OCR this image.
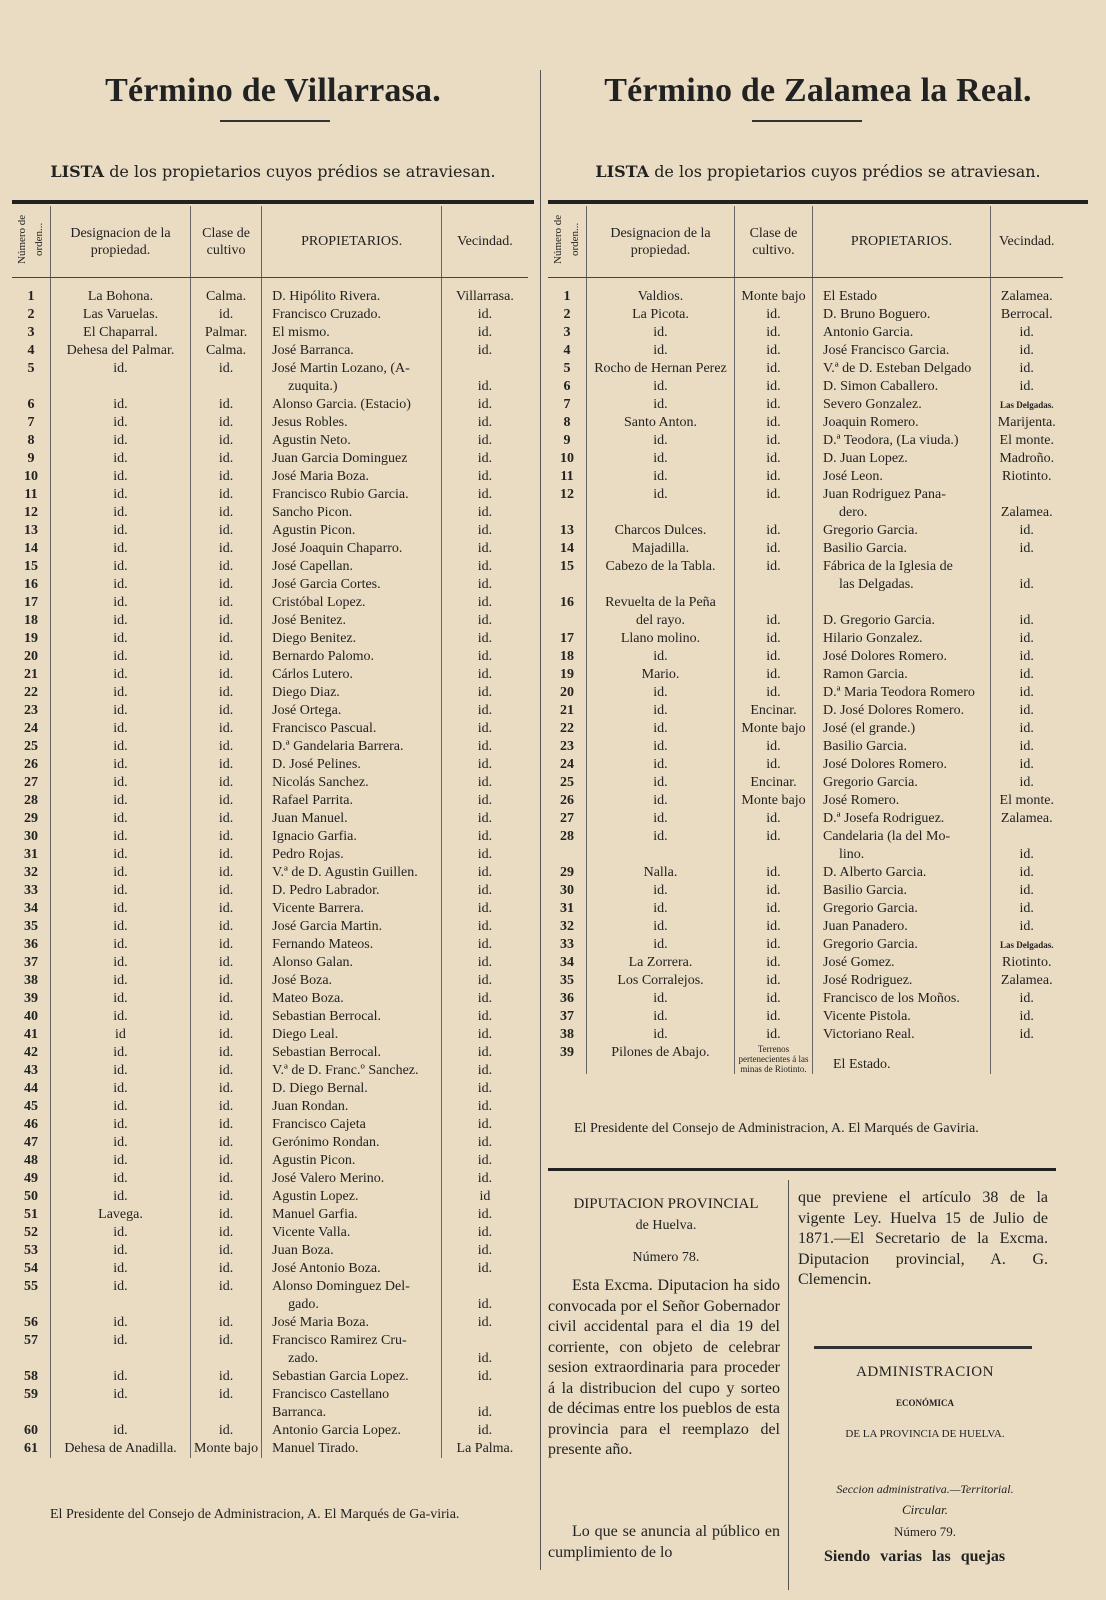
Término de Villarrasa.
LISTA de los propietarios cuyos prédios se atraviesan.
Número de orden...	Designacion de la propiedad.	Clase de cultivo	PROPIETARIOS.	Vecindad.

1	La Bohona.	Calma.	D. Hipólito Rivera.	Villarrasa.
2	Las Varuelas.	id.	Francisco Cruzado.	id.
3	El Chaparral.	Palmar.	El mismo.	id.
4	Dehesa del Palmar.	Calma.	José Barranca.	id.
5	id.	id.	José Martin Lozano, (A-	
			zuquita.)	id.
6	id.	id.	Alonso Garcia. (Estacio)	id.
7	id.	id.	Jesus Robles.	id.
8	id.	id.	Agustin Neto.	id.
9	id.	id.	Juan Garcia Dominguez	id.
10	id.	id.	José Maria Boza.	id.
11	id.	id.	Francisco Rubio Garcia.	id.
12	id.	id.	Sancho Picon.	id.
13	id.	id.	Agustin Picon.	id.
14	id.	id.	José Joaquin Chaparro.	id.
15	id.	id.	José Capellan.	id.
16	id.	id.	José Garcia Cortes.	id.
17	id.	id.	Cristóbal Lopez.	id.
18	id.	id.	José Benitez.	id.
19	id.	id.	Diego Benitez.	id.
20	id.	id.	Bernardo Palomo.	id.
21	id.	id.	Cárlos Lutero.	id.
22	id.	id.	Diego Diaz.	id.
23	id.	id.	José Ortega.	id.
24	id.	id.	Francisco Pascual.	id.
25	id.	id.	D.ª Gandelaria Barrera.	id.
26	id.	id.	D. José Pelines.	id.
27	id.	id.	Nicolás Sanchez.	id.
28	id.	id.	Rafael Parrita.	id.
29	id.	id.	Juan Manuel.	id.
30	id.	id.	Ignacio Garfia.	id.
31	id.	id.	Pedro Rojas.	id.
32	id.	id.	V.ª de D. Agustin Guillen.	id.
33	id.	id.	D. Pedro Labrador.	id.
34	id.	id.	Vicente Barrera.	id.
35	id.	id.	José Garcia Martin.	id.
36	id.	id.	Fernando Mateos.	id.
37	id.	id.	Alonso Galan.	id.
38	id.	id.	José Boza.	id.
39	id.	id.	Mateo Boza.	id.
40	id.	id.	Sebastian Berrocal.	id.
41	id	id.	Diego Leal.	id.
42	id.	id.	Sebastian Berrocal.	id.
43	id.	id.	V.ª de D. Franc.º Sanchez.	id.
44	id.	id.	D. Diego Bernal.	id.
45	id.	id.	Juan Rondan.	id.
46	id.	id.	Francisco Cajeta	id.
47	id.	id.	Gerónimo Rondan.	id.
48	id.	id.	Agustin Picon.	id.
49	id.	id.	José Valero Merino.	id.
50	id.	id.	Agustin Lopez.	id
51	Lavega.	id.	Manuel Garfia.	id.
52	id.	id.	Vicente Valla.	id.
53	id.	id.	Juan Boza.	id.
54	id.	id.	José Antonio Boza.	id.
55	id.	id.	Alonso Dominguez Del-	
			gado.	id.
56	id.	id.	José Maria Boza.	id.
57	id.	id.	Francisco Ramirez Cru-	
			zado.	id.
58	id.	id.	Sebastian Garcia Lopez.	id.
59	id.	id.	Francisco Castellano	
			Barranca.	id.
60	id.	id.	Antonio Garcia Lopez.	id.
61	Dehesa de Anadilla.	Monte bajo	Manuel Tirado.	La Palma.
El Presidente del Consejo de Administracion, A. El Marqués de Ga-viria.
Término de Zalamea la Real.
LISTA de los propietarios cuyos prédios se atraviesan.
Número de orden...	Designacion de la propiedad.	Clase de cultivo.	PROPIETARIOS.	Vecindad.

1	Valdios.	Monte bajo	El Estado	Zalamea.
2	La Picota.	id.	D. Bruno Boguero.	Berrocal.
3	id.	id.	Antonio Garcia.	id.
4	id.	id.	José Francisco Garcia.	id.
5	Rocho de Hernan Perez	id.	V.ª de D. Esteban Delgado	id.
6	id.	id.	D. Simon Caballero.	id.
7	id.	id.	Severo Gonzalez.	Las Delgadas.
8	Santo Anton.	id.	Joaquin Romero.	Marijenta.
9	id.	id.	D.ª Teodora, (La viuda.)	El monte.
10	id.	id.	D. Juan Lopez.	Madroño.
11	id.	id.	José Leon.	Riotinto.
12	id.	id.	Juan Rodriguez Pana-	
			dero.	Zalamea.
13	Charcos Dulces.	id.	Gregorio Garcia.	id.
14	Majadilla.	id.	Basilio Garcia.	id.
15	Cabezo de la Tabla.	id.	Fábrica de la Iglesia de	
			las Delgadas.	id.
16	Revuelta de la Peña			
	del rayo.	id.	D. Gregorio Garcia.	id.
17	Llano molino.	id.	Hilario Gonzalez.	id.
18	id.	id.	José Dolores Romero.	id.
19	Mario.	id.	Ramon Garcia.	id.
20	id.	id.	D.ª Maria Teodora Romero	id.
21	id.	Encinar.	D. José Dolores Romero.	id.
22	id.	Monte bajo	José (el grande.)	id.
23	id.	id.	Basilio Garcia.	id.
24	id.	id.	José Dolores Romero.	id.
25	id.	Encinar.	Gregorio Garcia.	id.
26	id.	Monte bajo	José Romero.	El monte.
27	id.	id.	D.ª Josefa Rodriguez.	Zalamea.
28	id.	id.	Candelaria (la del Mo-	
			lino.	id.
29	Nalla.	id.	D. Alberto Garcia.	id.
30	id.	id.	Basilio Garcia.	id.
31	id.	id.	Gregorio Garcia.	id.
32	id.	id.	Juan Panadero.	id.
33	id.	id.	Gregorio Garcia.	Las Delgadas.
34	La Zorrera.	id.	José Gomez.	Riotinto.
35	Los Corralejos.	id.	José Rodriguez.	Zalamea.
36	id.	id.	Francisco de los Moños.	id.
37	id.	id.	Vicente Pistola.	id.
38	id.	id.	Victoriano Real.	id.
39	Pilones de Abajo.	Terrenos pertenecientes á las minas de Riotinto.	El Estado.	
El Presidente del Consejo de Administracion, A. El Marqués de Gaviria.
DIPUTACION PROVINCIAL
de Huelva.
Número 78.
Esta Excma. Diputacion ha sido convocada por el Señor Gobernador civil accidental para el dia 19 del corriente, con objeto de celebrar sesion extraordinaria para proceder á la distribucion del cupo y sorteo de décimas entre los pueblos de esta provincia para el reemplazo del presente año.
Lo que se anuncia al público en cumplimiento de lo
que previene el artículo 38 de la vigente Ley. Huelva 15 de Julio de 1871.—El Secretario de la Excma. Diputacion provincial, A. G. Clemencin.
ADMINISTRACION
ECONÓMICA
DE LA PROVINCIA DE HUELVA.
Seccion administrativa.—Territorial.
Circular.
Número 79.
Siendo varias las quejas
